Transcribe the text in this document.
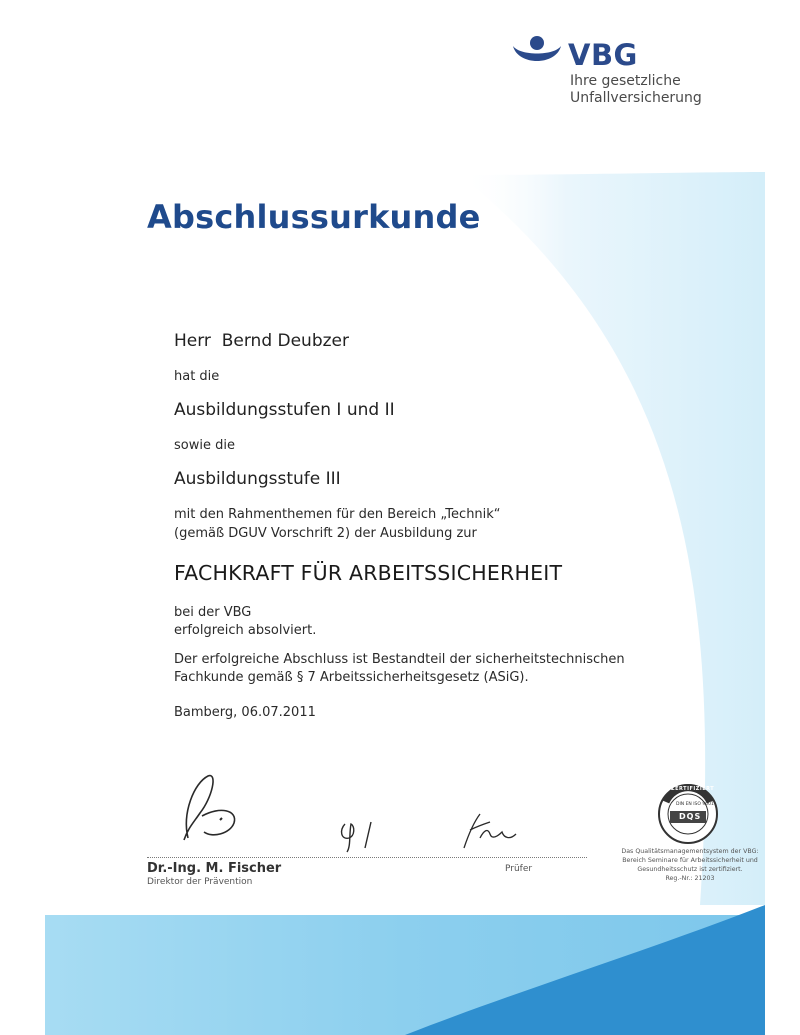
VBG
Ihre gesetzliche
Unfallversicherung
Abschlussurkunde
Herr  Bernd Deubzer
hat die
Ausbildungsstufen I und II
sowie die
Ausbildungsstufe III
mit den Rahmenthemen für den Bereich „Technik“
(gemäß DGUV Vorschrift 2) der Ausbildung zur
FACHKRAFT FÜR ARBEITSSICHERHEIT
bei der VBG
erfolgreich absolviert.
Der erfolgreiche Abschluss ist Bestandteil der sicherheitstechnischen
Fachkunde gemäß § 7 Arbeitssicherheitsgesetz (ASiG).
Bamberg, 06.07.2011
Dr.-Ing. M. Fischer
Direktor der Prävention
Prüfer
ZERTIFIZIERT
DIN EN ISO 9001
DQS
Das Qualitätsmanagementsystem der VBG:
Bereich Seminare für Arbeitssicherheit und
Gesundheitsschutz ist zertifiziert.
Reg.-Nr.: 21203
